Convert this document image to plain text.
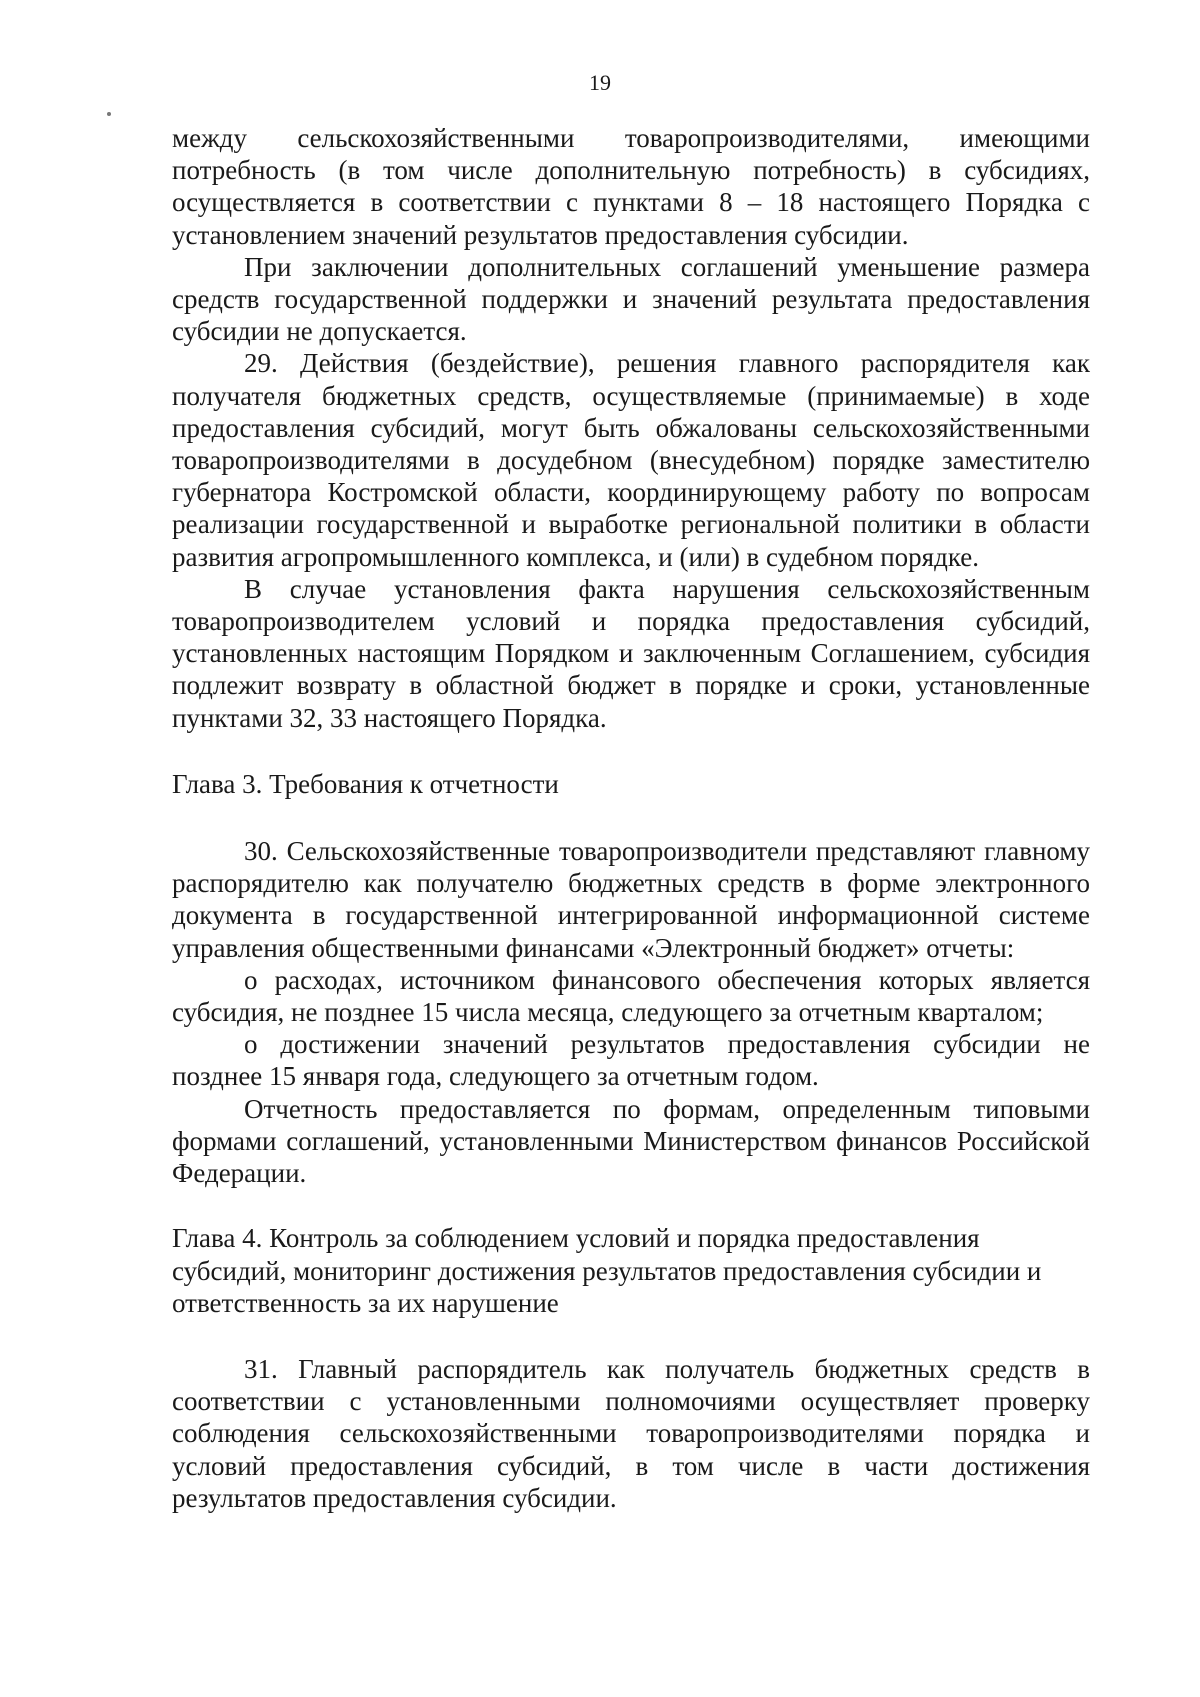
19

между сельскохозяйственными товаропроизводителями, имеющими потребность (в том числе дополнительную потребность) в субсидиях, осуществляется в соответствии с пунктами 8 – 18 настоящего Порядка с установлением значений результатов предоставления субсидии.

При заключении дополнительных соглашений уменьшение размера средств государственной поддержки и значений результата предоставления субсидии не допускается.

29. Действия (бездействие), решения главного распорядителя как получателя бюджетных средств, осуществляемые (принимаемые) в ходе предоставления субсидий, могут быть обжалованы сельскохозяйственными товаропроизводителями в досудебном (внесудебном) порядке заместителю губернатора Костромской области, координирующему работу по вопросам реализации государственной и выработке региональной политики в области развития агропромышленного комплекса, и (или) в судебном порядке.

В случае установления факта нарушения сельскохозяйственным товаропроизводителем условий и порядка предоставления субсидий, установленных настоящим Порядком и заключенным Соглашением, субсидия подлежит возврату в областной бюджет в порядке и сроки, установленные пунктами 32, 33 настоящего Порядка.

Глава 3. Требования к отчетности

30. Сельскохозяйственные товаропроизводители представляют главному распорядителю как получателю бюджетных средств в форме электронного документа в государственной интегрированной информационной системе управления общественными финансами «Электронный бюджет» отчеты:

о расходах, источником финансового обеспечения которых является субсидия, не позднее 15 числа месяца, следующего за отчетным кварталом;

о достижении значений результатов предоставления субсидии не позднее 15 января года, следующего за отчетным годом.

Отчетность предоставляется по формам, определенным типовыми формами соглашений, установленными Министерством финансов Российской Федерации.

Глава 4. Контроль за соблюдением условий и порядка предоставления

субсидий, мониторинг достижения результатов предоставления субсидии и

ответственность за их нарушение

31. Главный распорядитель как получатель бюджетных средств в соответствии с установленными полномочиями осуществляет проверку соблюдения сельскохозяйственными товаропроизводителями порядка и условий предоставления субсидий, в том числе в части достижения результатов предоставления субсидии.
